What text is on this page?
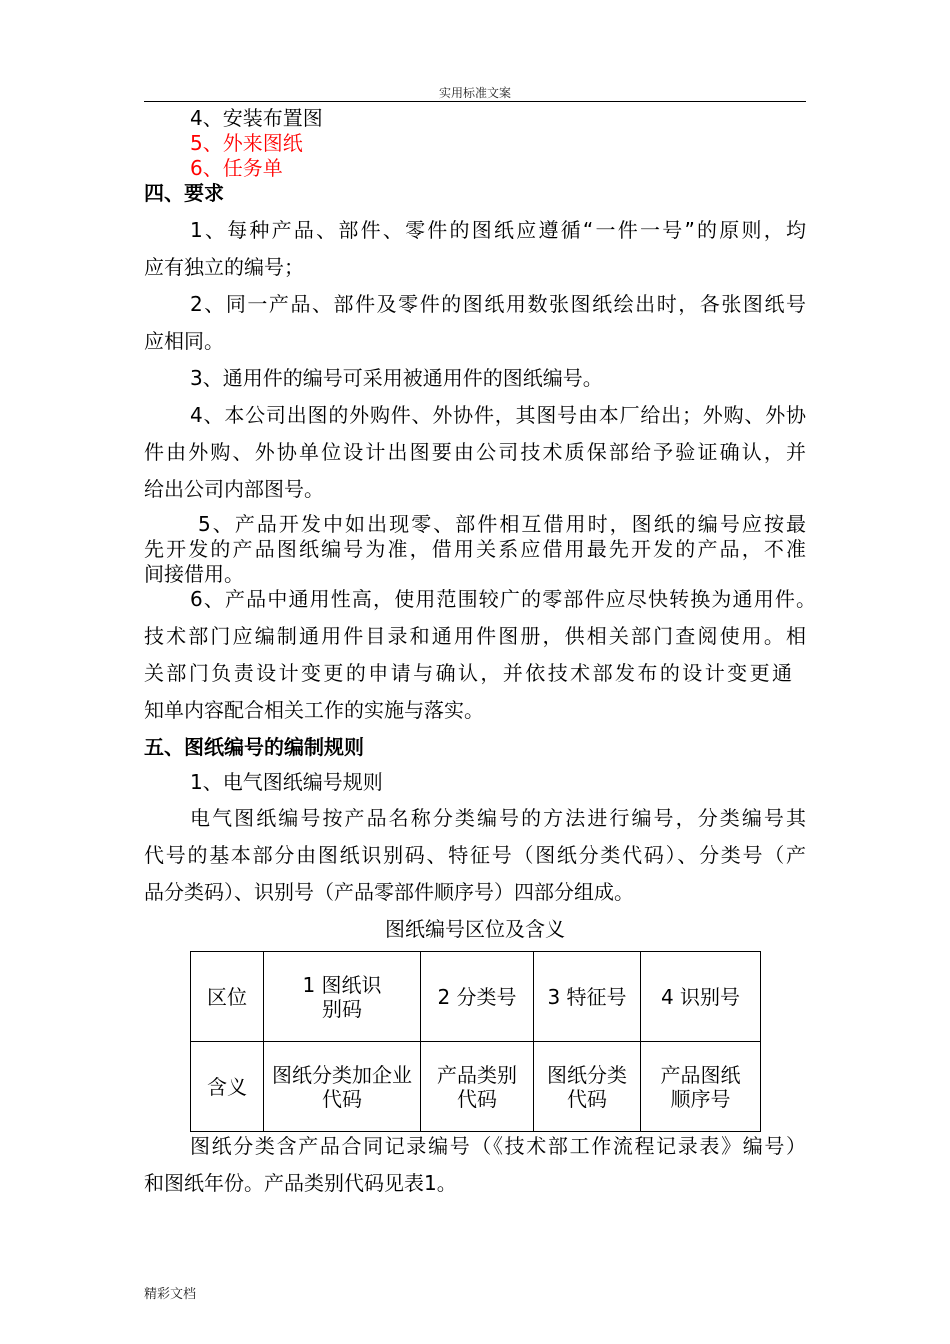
实用标准文案
4、安装布置图
5、外来图纸
6、任务单
四、要求
1、每种产品、部件、零件的图纸应遵循“一件一号”的原则，均
应有独立的编号；
2、同一产品、部件及零件的图纸用数张图纸绘出时，各张图纸号
应相同。
3、通用件的编号可采用被通用件的图纸编号。
4、本公司出图的外购件、外协件，其图号由本厂给出；外购、外协
件由外购、外协单位设计出图要由公司技术质保部给予验证确认，并
给出公司内部图号。
5、产品开发中如出现零、部件相互借用时，图纸的编号应按最
先开发的产品图纸编号为准，借用关系应借用最先开发的产品，不准
间接借用。
6、产品中通用性高，使用范围较广的零部件应尽快转换为通用件。
技术部门应编制通用件目录和通用件图册，供相关部门查阅使用。相
关部门负责设计变更的申请与确认，并依技术部发布的设计变更通
知单内容配合相关工作的实施与落实。
五、图纸编号的编制规则
1、电气图纸编号规则
电气图纸编号按产品名称分类编号的方法进行编号，分类编号其
代号的基本部分由图纸识别码、特征号（图纸分类代码）、分类号（产
品分类码）、识别号（产品零部件顺序号）四部分组成。
图纸编号区位及含义
区位	1 图纸识别码	2 分类号	3 特征号	4 识别号
含义	图纸分类加企业代码	产品类别代码	图纸分类代码	产品图纸顺序号
图纸分类含产品合同记录编号（《技术部工作流程记录表》编号）
和图纸年份。产品类别代码见表1。
精彩文档
